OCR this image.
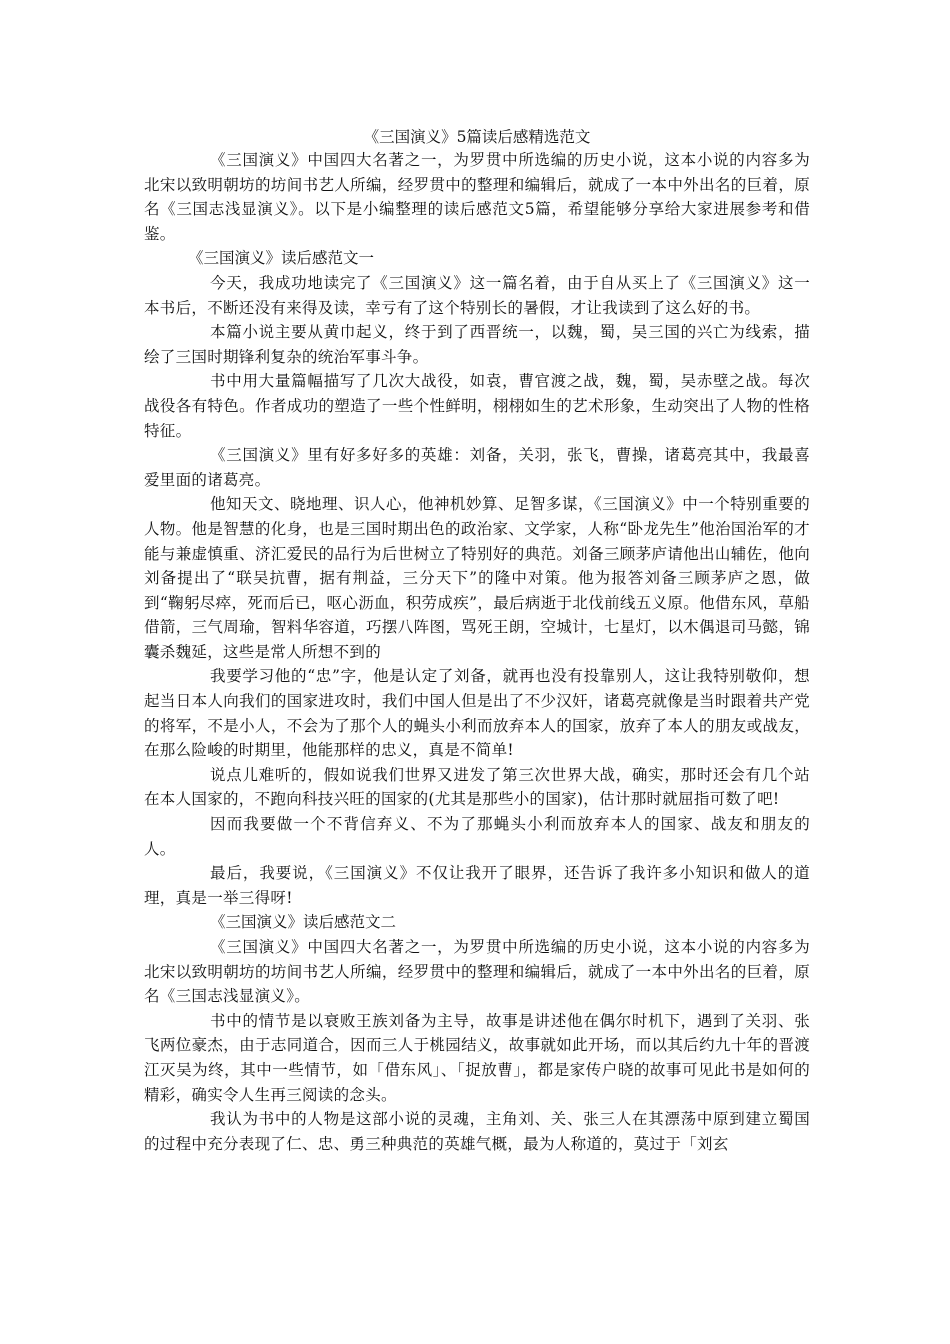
《三国演义》5篇读后感精选范文

《三国演义》中国四大名著之一，为罗贯中所选编的历史小说，这本小说的内容多为北宋以致明朝坊的坊间书艺人所编，经罗贯中的整理和编辑后，就成了一本中外出名的巨着，原名《三国志浅显演义》。以下是小编整理的读后感范文5篇，希望能够分享给大家进展参考和借鉴。

《三国演义》读后感范文一

今天，我成功地读完了《三国演义》这一篇名着，由于自从买上了《三国演义》这一本书后，不断还没有来得及读，幸亏有了这个特别长的暑假，才让我读到了这么好的书。

本篇小说主要从黄巾起义，终于到了西晋统一，以魏，蜀，吴三国的兴亡为线索，描绘了三国时期锋利复杂的统治军事斗争。

书中用大量篇幅描写了几次大战役，如袁，曹官渡之战，魏，蜀，吴赤壁之战。每次战役各有特色。作者成功的塑造了一些个性鲜明，栩栩如生的艺术形象，生动突出了人物的性格特征。

《三国演义》里有好多好多的英雄：刘备，关羽，张飞，曹操，诸葛亮其中，我最喜爱里面的诸葛亮。

他知天文、晓地理、识人心，他神机妙算、足智多谋，《三国演义》中一个特别重要的人物。他是智慧的化身，也是三国时期出色的政治家、文学家，人称“卧龙先生”他治国治军的才能与兼虚慎重、济汇爱民的品行为后世树立了特别好的典范。刘备三顾茅庐请他出山辅佐，他向刘备提出了“联吴抗曹，据有荆益，三分天下”的隆中对策。他为报答刘备三顾茅庐之恩，做到“鞠躬尽瘁，死而后已，呕心沥血，积劳成疾”，最后病逝于北伐前线五义原。他借东风，草船借箭，三气周瑜，智料华容道，巧摆八阵图，骂死王朗，空城计，七星灯，以木偶退司马懿，锦囊杀魏延，这些是常人所想不到的

我要学习他的“忠”字，他是认定了刘备，就再也没有投靠别人，这让我特别敬仰，想起当日本人向我们的国家进攻时，我们中国人但是出了不少汉奸，诸葛亮就像是当时跟着共产党的将军，不是小人，不会为了那个人的蝇头小利而放弃本人的国家，放弃了本人的朋友或战友，在那么险峻的时期里，他能那样的忠义，真是不简单!

说点儿难听的，假如说我们世界又进发了第三次世界大战，确实，那时还会有几个站在本人国家的，不跑向科技兴旺的国家的(尤其是那些小的国家)，估计那时就屈指可数了吧!

因而我要做一个不背信弃义、不为了那蝇头小利而放弃本人的国家、战友和朋友的人。

最后，我要说，《三国演义》不仅让我开了眼界，还告诉了我许多小知识和做人的道理，真是一举三得呀!

《三国演义》读后感范文二

《三国演义》中国四大名著之一，为罗贯中所选编的历史小说，这本小说的内容多为北宋以致明朝坊的坊间书艺人所编，经罗贯中的整理和编辑后，就成了一本中外出名的巨着，原名《三国志浅显演义》。

书中的情节是以衰败王族刘备为主导，故事是讲述他在偶尔时机下，遇到了关羽、张飞两位豪杰，由于志同道合，因而三人于桃园结义，故事就如此开场，而以其后约九十年的晋渡江灭吴为终，其中一些情节，如「借东风」、「捉放曹」，都是家传户晓的故事可见此书是如何的精彩，确实令人生再三阅读的念头。

我认为书中的人物是这部小说的灵魂，主角刘、关、张三人在其漂荡中原到建立蜀国的过程中充分表现了仁、忠、勇三种典范的英雄气概，最为人称道的，莫过于「刘玄
